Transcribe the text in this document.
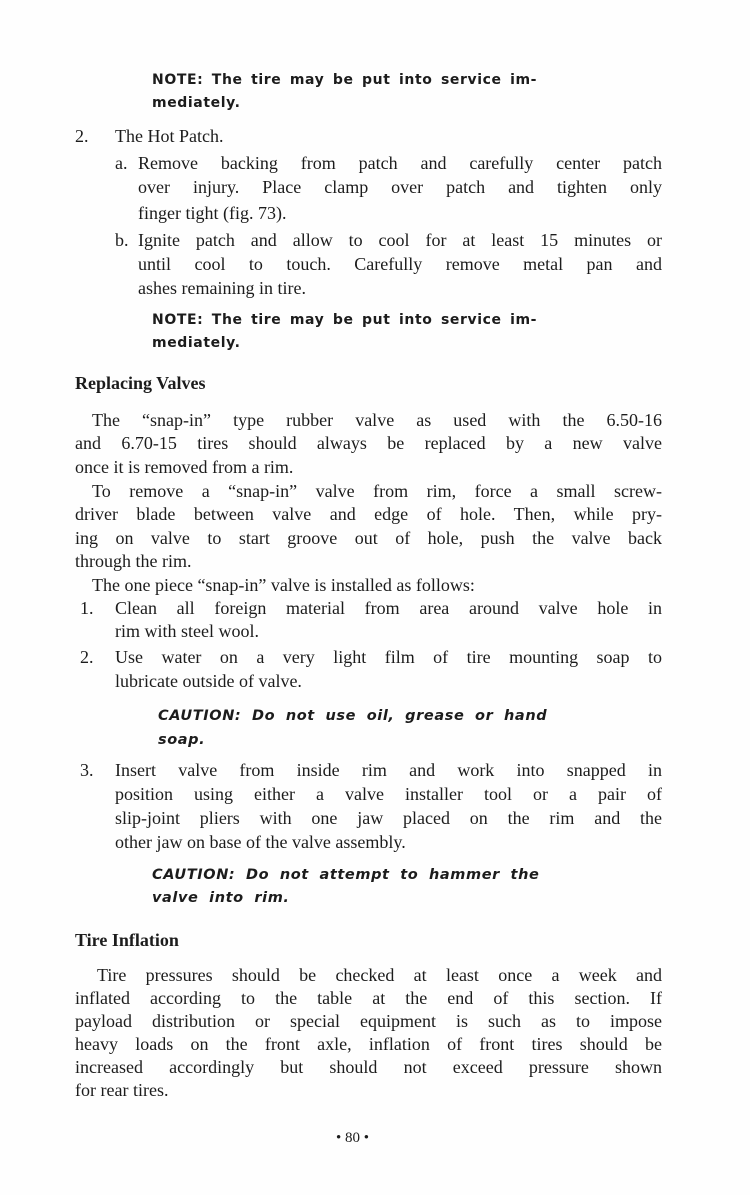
NOTE: The tire may be put into service im-
mediately.
2. The Hot Patch.
a. Remove backing from patch and carefully center patch
over injury. Place clamp over patch and tighten only
finger tight (fig. 73).
b. Ignite patch and allow to cool for at least 15 minutes or
until cool to touch. Carefully remove metal pan and
ashes remaining in tire.
NOTE: The tire may be put into service im-
mediately.
Replacing Valves
The “snap-in” type rubber valve as used with the 6.50-16
and 6.70-15 tires should always be replaced by a new valve
once it is removed from a rim.
To remove a “snap-in” valve from rim, force a small screw-
driver blade between valve and edge of hole. Then, while pry-
ing on valve to start groove out of hole, push the valve back
through the rim.
The one piece “snap-in” valve is installed as follows:
1. Clean all foreign material from area around valve hole in
rim with steel wool.
2. Use water on a very light film of tire mounting soap to
lubricate outside of valve.
CAUTION: Do not use oil, grease or hand
soap.
3. Insert valve from inside rim and work into snapped in
position using either a valve installer tool or a pair of
slip-joint pliers with one jaw placed on the rim and the
other jaw on base of the valve assembly.
CAUTION: Do not attempt to hammer the
valve into rim.
Tire Inflation
Tire pressures should be checked at least once a week and
inflated according to the table at the end of this section. If
payload distribution or special equipment is such as to impose
heavy loads on the front axle, inflation of front tires should be
increased accordingly but should not exceed pressure shown
for rear tires.
• 80 •
